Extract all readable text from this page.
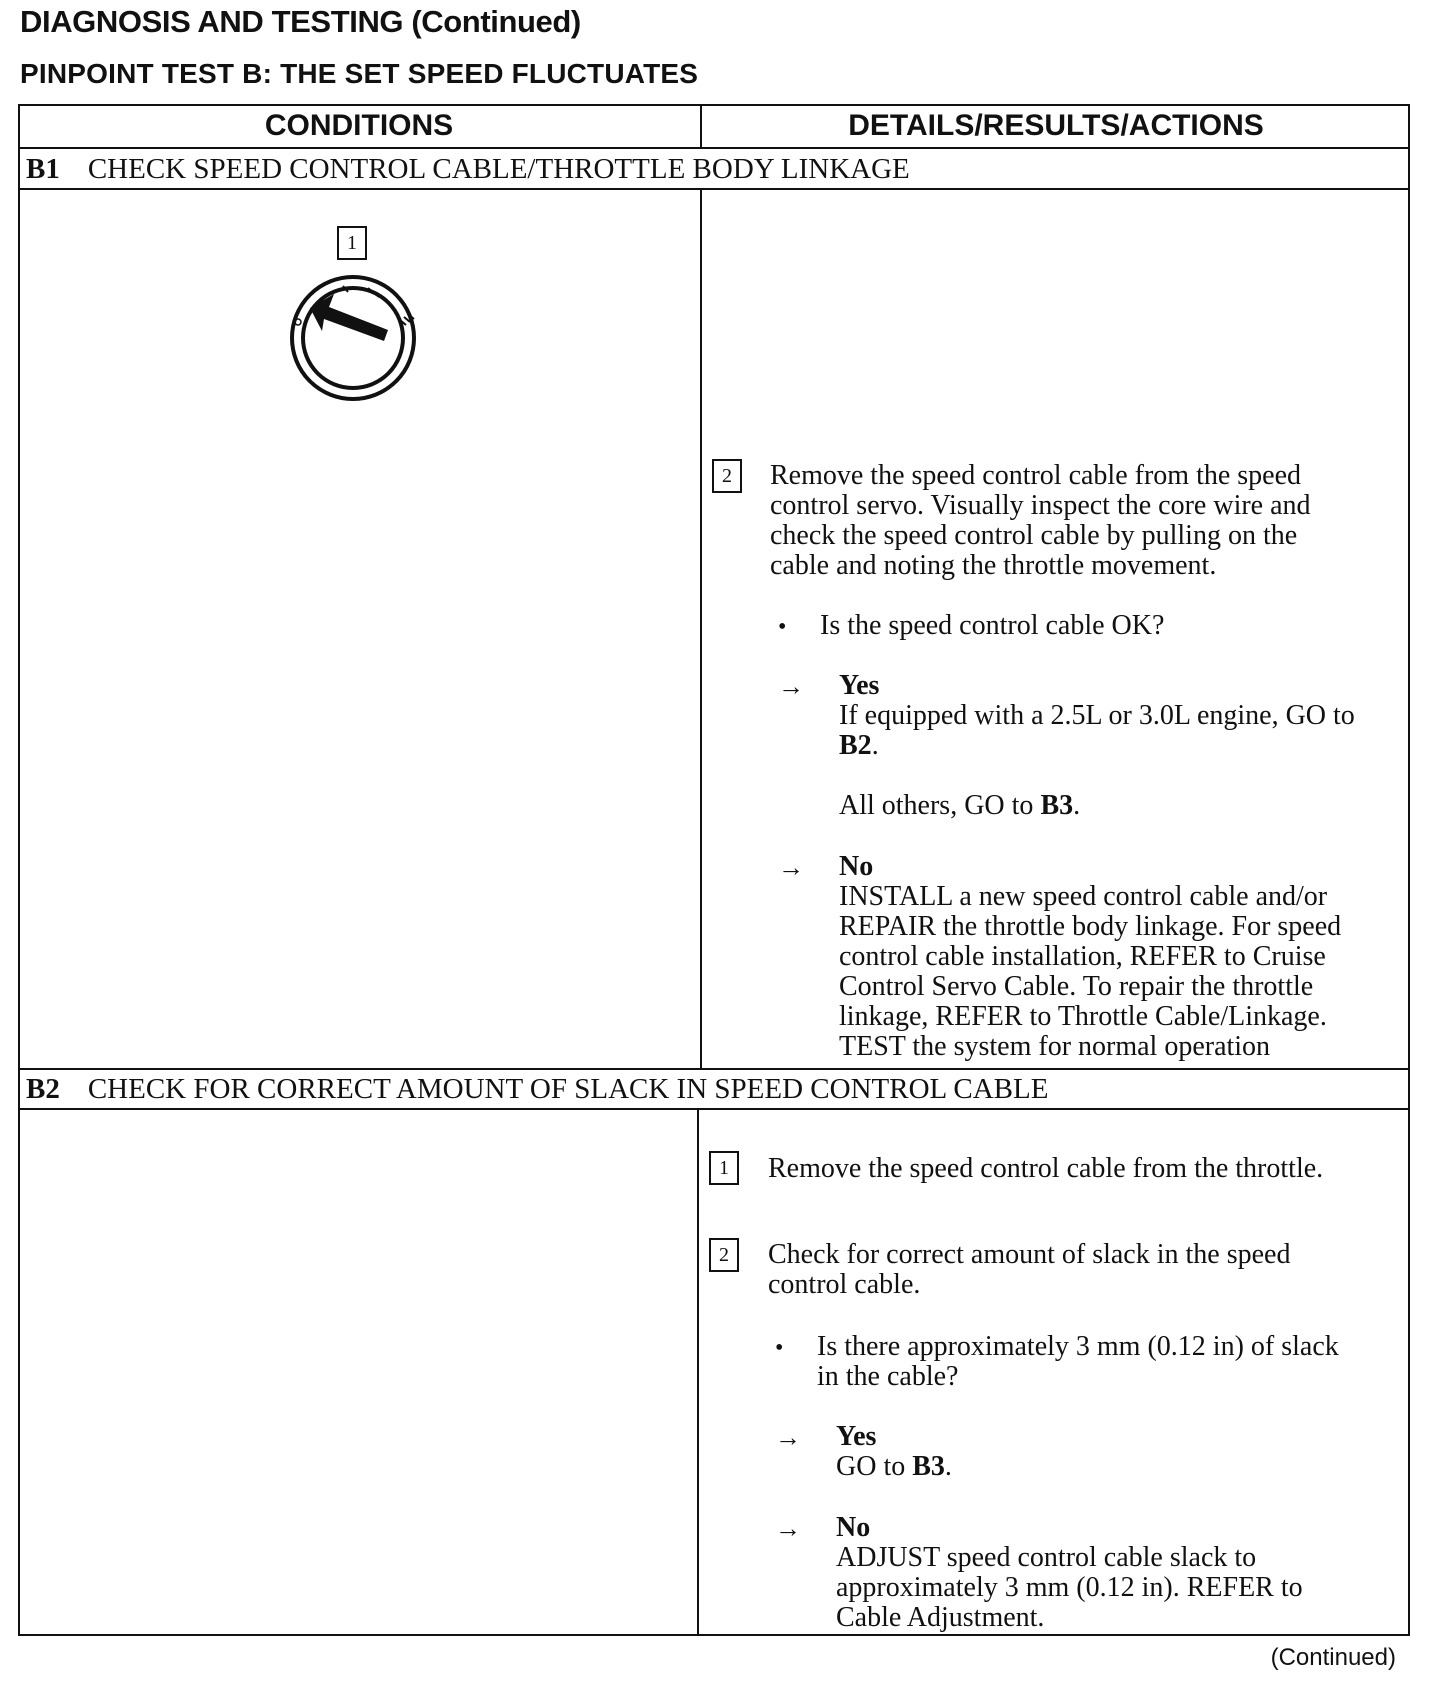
DIAGNOSIS AND TESTING (Continued)
PINPOINT TEST B: THE SET SPEED FLUCTUATES
CONDITIONS	DETAILS/RESULTS/ACTIONS
B1 CHECK SPEED CONTROL CABLE/THROTTLE BODY LINKAGE
1
2	Remove the speed control cable from the speed
control servo. Visually inspect the core wire and
check the speed control cable by pulling on the
cable and noting the throttle movement.
• Is the speed control cable OK?
→ Yes
If equipped with a 2.5L or 3.0L engine, GO to
B2.
All others, GO to B3.
→ No
INSTALL a new speed control cable and/or
REPAIR the throttle body linkage. For speed
control cable installation, REFER to Cruise
Control Servo Cable. To repair the throttle
linkage, REFER to Throttle Cable/Linkage.
TEST the system for normal operation
B2 CHECK FOR CORRECT AMOUNT OF SLACK IN SPEED CONTROL CABLE
1	Remove the speed control cable from the throttle.
2	Check for correct amount of slack in the speed
control cable.
• Is there approximately 3 mm (0.12 in) of slack
in the cable?
→ Yes
GO to B3.
→ No
ADJUST speed control cable slack to
approximately 3 mm (0.12 in). REFER to
Cable Adjustment.
(Continued)
